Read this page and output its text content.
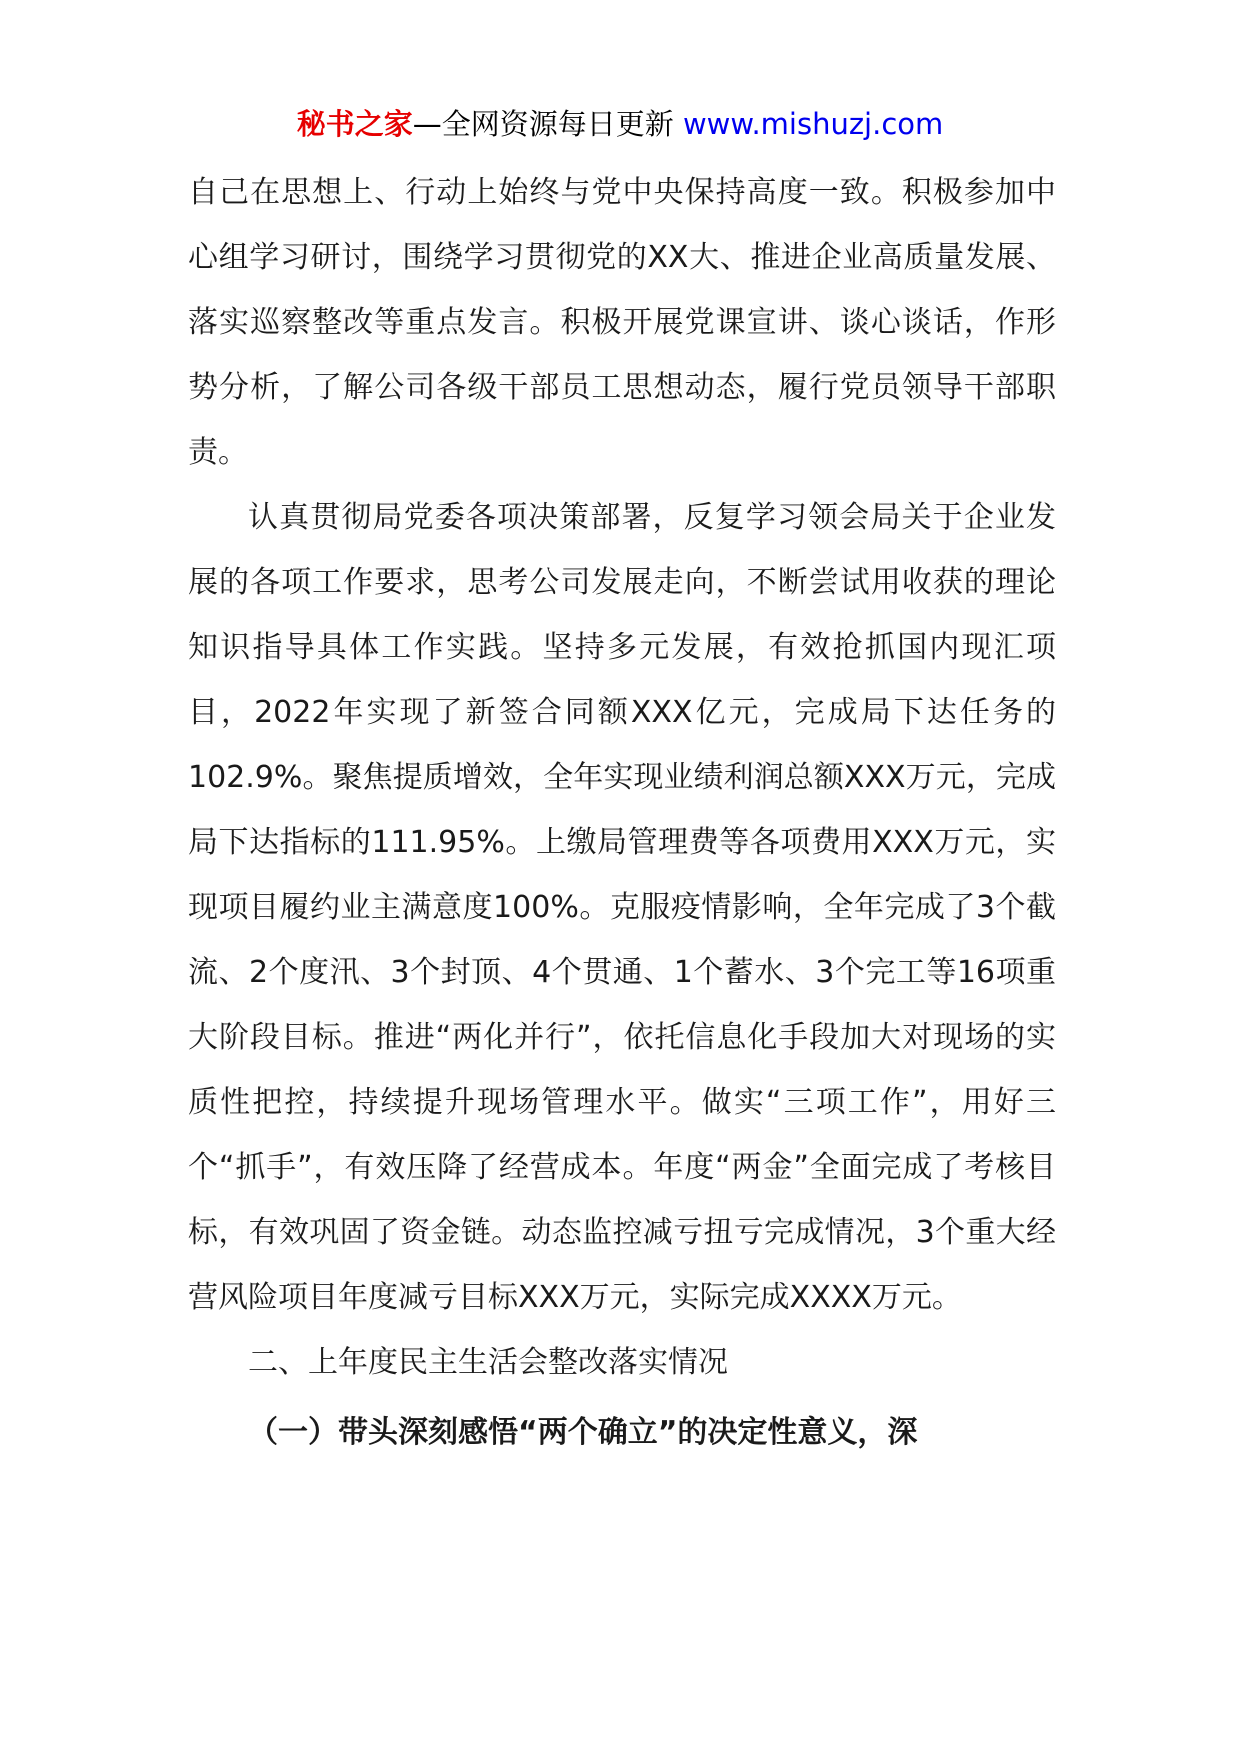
秘书之家—全网资源每日更新 www.mishuzj.com

自己在思想上、行动上始终与党中央保持高度一致。积极参加中心组学习研讨，围绕学习贯彻党的XX大、推进企业高质量发展、落实巡察整改等重点发言。积极开展党课宣讲、谈心谈话，作形势分析，了解公司各级干部员工思想动态，履行党员领导干部职责。

认真贯彻局党委各项决策部署，反复学习领会局关于企业发展的各项工作要求，思考公司发展走向，不断尝试用收获的理论知识指导具体工作实践。坚持多元发展，有效抢抓国内现汇项目，2022年实现了新签合同额XXX亿元，完成局下达任务的102.9%。聚焦提质增效，全年实现业绩利润总额XXX万元，完成局下达指标的111.95%。上缴局管理费等各项费用XXX万元，实现项目履约业主满意度100%。克服疫情影响，全年完成了3个截流、2个度汛、3个封顶、4个贯通、1个蓄水、3个完工等16项重大阶段目标。推进“两化并行”，依托信息化手段加大对现场的实质性把控，持续提升现场管理水平。做实“三项工作”，用好三个“抓手”，有效压降了经营成本。年度“两金”全面完成了考核目标，有效巩固了资金链。动态监控减亏扭亏完成情况，3个重大经营风险项目年度减亏目标XXX万元，实际完成XXXX万元。

二、上年度民主生活会整改落实情况

（一）带头深刻感悟“两个确立”的决定性意义，深
